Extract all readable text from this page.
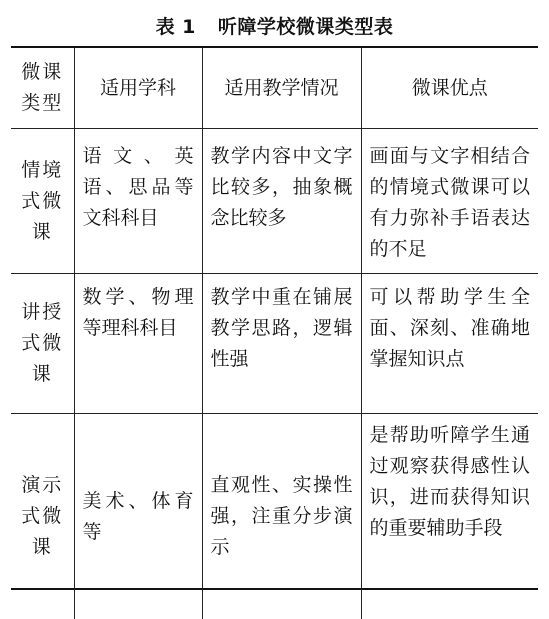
表 1 听障学校微课类型表
微课类型	适用学科	适用教学情况	微课优点
情境式微课	语文、英语、思品等文科科目	教学内容中文字比较多，抽象概念比较多	画面与文字相结合的情境式微课可以有力弥补手语表达的不足
讲授式微课	数学、物理等理科科目	教学中重在铺展教学思路，逻辑性强	可以帮助学生全面、深刻、准确地掌握知识点
演示式微课	美术、体育等	直观性、实操性强，注重分步演示	是帮助听障学生通过观察获得感性认识，进而获得知识的重要辅助手段
